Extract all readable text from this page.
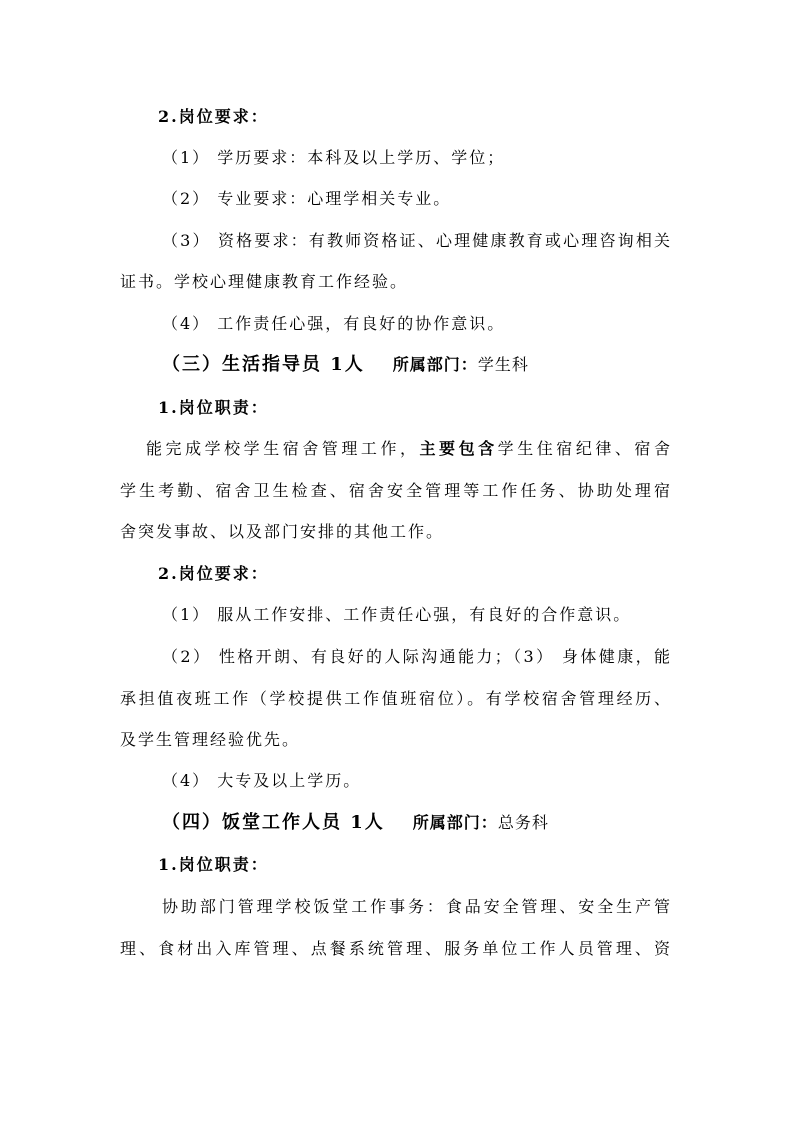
2.岗位要求：
（1） 学历要求：本科及以上学历、学位；
（2） 专业要求：心理学相关专业。
（3） 资格要求：有教师资格证、心理健康教育或心理咨询相关
证书。学校心理健康教育工作经验。
（4） 工作责任心强，有良好的协作意识。
（三）生活指导员 1人 所属部门：学生科
1.岗位职责：
能完成学校学生宿舍管理工作，主要包含学生住宿纪律、宿舍
学生考勤、宿舍卫生检查、宿舍安全管理等工作任务、协助处理宿
舍突发事故、以及部门安排的其他工作。
2.岗位要求：
（1） 服从工作安排、工作责任心强，有良好的合作意识。
（2） 性格开朗、有良好的人际沟通能力；（3） 身体健康，能
承担值夜班工作（学校提供工作值班宿位）。有学校宿舍管理经历、
及学生管理经验优先。
（4） 大专及以上学历。
（四）饭堂工作人员 1人 所属部门：总务科
1.岗位职责：
协助部门管理学校饭堂工作事务：食品安全管理、安全生产管
理、食材出入库管理、点餐系统管理、服务单位工作人员管理、资
